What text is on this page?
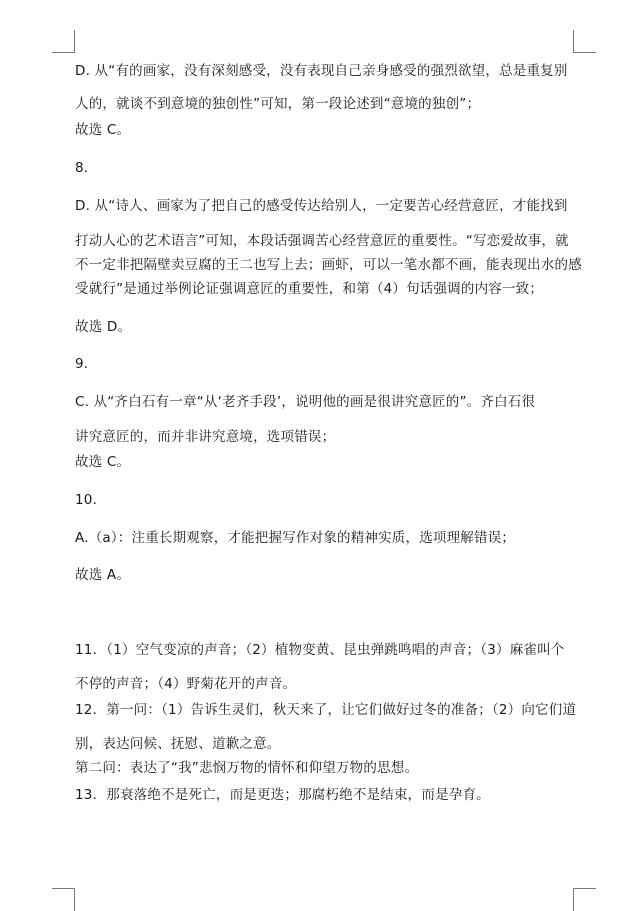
D. 从“有的画家，没有深刻感受，没有表现自己亲身感受的强烈欲望，总是重复别
人的，就谈不到意境的独创性”可知，第一段论述到“意境的独创”；
故选 C。
8．
D. 从“诗人、画家为了把自己的感受传达给别人，一定要苦心经营意匠，才能找到
打动人心的艺术语言”可知，本段话强调苦心经营意匠的重要性。“写恋爱故事，就
不一定非把隔壁卖豆腐的王二也写上去；画虾，可以一笔水都不画，能表现出水的感
受就行”是通过举例论证强调意匠的重要性，和第（4）句话强调的内容一致；
故选 D。
9．
C. 从“齐白石有一章“从‘老齐手段’，说明他的画是很讲究意匠的”。齐白石很
讲究意匠的，而并非讲究意境，选项错误；
故选 C。
10．
A.（a）：注重长期观察，才能把握写作对象的精神实质，选项理解错误；
故选 A。
11．（1）空气变凉的声音；（2）植物变黄、昆虫弹跳鸣唱的声音；（3）麻雀叫个
不停的声音；（4）野菊花开的声音。
12．第一问：（1）告诉生灵们，秋天来了，让它们做好过冬的准备；（2）向它们道
别，表达问候、抚慰、道歉之意。
第二问：表达了“我”悲悯万物的情怀和仰望万物的思想。
13．那衰落绝不是死亡，而是更迭；那腐朽绝不是结束，而是孕育。
